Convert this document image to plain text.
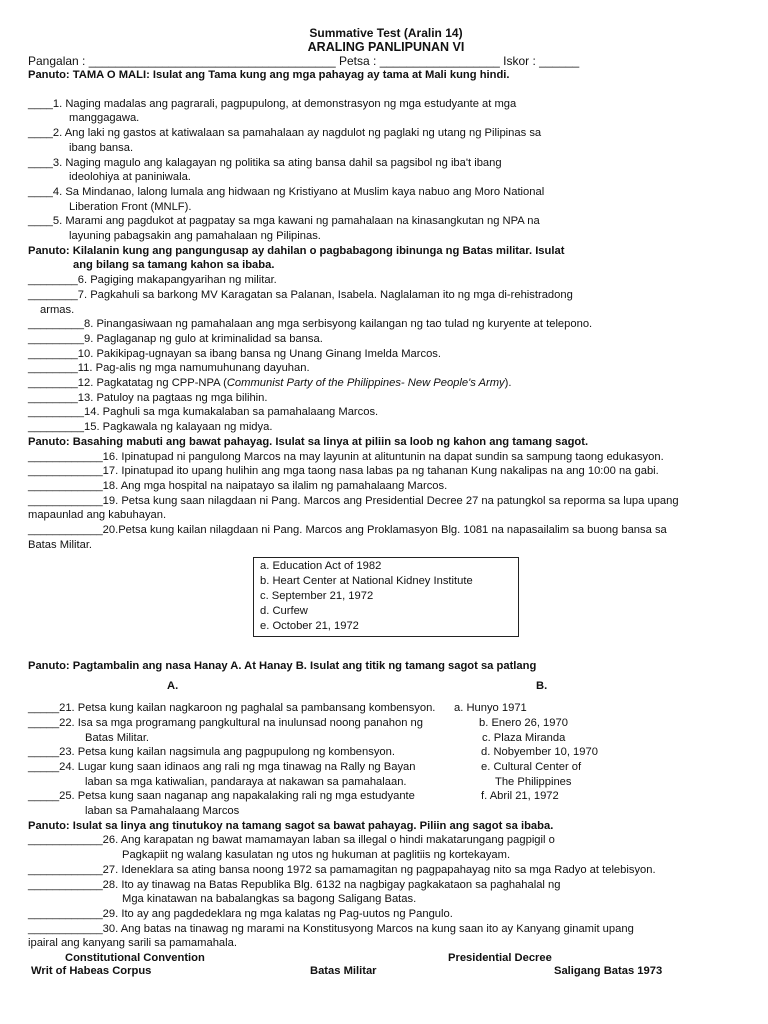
Summative Test (Aralin 14)
ARALING PANLIPUNAN VI
Pangalan : _____________________________________ Petsa : __________________ Iskor : ______
Panuto: TAMA O MALI: Isulat ang Tama kung ang mga pahayag ay tama at Mali kung hindi.
____1. Naging madalas ang pagrarali, pagpupulong, at demonstrasyon ng mga estudyante at mga
manggagawa.
____2. Ang laki ng gastos at katiwalaan sa pamahalaan ay nagdulot ng paglaki ng utang ng Pilipinas sa
ibang bansa.
____3. Naging magulo ang kalagayan ng politika sa ating bansa dahil sa pagsibol ng iba't ibang
ideolohiya at paniniwala.
____4. Sa Mindanao, lalong lumala ang hidwaan ng Kristiyano at Muslim kaya nabuo ang Moro National
Liberation Front (MNLF).
____5. Marami ang pagdukot at pagpatay sa mga kawani ng pamahalaan na kinasangkutan ng NPA na
layuning pabagsakin ang pamahalaan ng Pilipinas.
Panuto: Kilalanin kung ang pangungusap ay dahilan o pagbabagong ibinunga ng Batas militar. Isulat
ang bilang sa tamang kahon sa ibaba.
________6. Pagiging makapangyarihan ng militar.
________7. Pagkahuli sa barkong MV Karagatan sa Palanan, Isabela. Naglalaman ito ng mga di-rehistradong
armas.
_________8. Pinangasiwaan ng pamahalaan ang mga serbisyong kailangan ng tao tulad ng kuryente at telepono.
_________9. Paglaganap ng gulo at kriminalidad sa bansa.
________10. Pakikipag-ugnayan sa ibang bansa ng Unang Ginang Imelda Marcos.
________11. Pag-alis ng mga namumuhunang dayuhan.
________12. Pagkatatag ng CPP-NPA (Communist Party of the Philippines- New People's Army).
________13. Patuloy na pagtaas ng mga bilihin.
_________14. Paghuli sa mga kumakalaban sa pamahalaang Marcos.
_________15. Pagkawala ng kalayaan ng midya.
Panuto: Basahing mabuti ang bawat pahayag. Isulat sa linya at piliin sa loob ng kahon ang tamang sagot.
____________16. Ipinatupad ni pangulong Marcos na may layunin at alituntunin na dapat sundin sa sampung taong edukasyon.
____________17. Ipinatupad ito upang hulihin ang mga taong nasa labas pa ng tahanan Kung nakalipas na ang 10:00 na gabi.
____________18. Ang mga hospital na naipatayo sa ilalim ng pamahalaang Marcos.
____________19. Petsa kung saan nilagdaan ni Pang. Marcos ang Presidential Decree 27 na patungkol sa reporma sa lupa upang
mapaunlad ang kabuhayan.
____________20.Petsa kung kailan nilagdaan ni Pang. Marcos ang Proklamasyon Blg. 1081 na napasailalim sa buong bansa sa
Batas Militar.
a. Education Act of 1982
b. Heart Center at National Kidney Institute
c. September 21, 1972
d. Curfew
e. October 21, 1972
Panuto: Pagtambalin ang nasa Hanay A. At Hanay B. Isulat ang titik ng tamang sagot sa patlang
A.	B.
_____21. Petsa kung kailan nagkaroon ng paghalal sa pambansang kombensyon. a. Hunyo 1971
_____22. Isa sa mga programang pangkultural na inulunsad noong panahon ng	b. Enero 26, 1970
Batas Militar.	c. Plaza Miranda
_____23. Petsa kung kailan nagsimula ang pagpupulong ng kombensyon.	d. Nobyember 10, 1970
_____24. Lugar kung saan idinaos ang rali ng mga tinawag na Rally ng Bayan	e. Cultural Center of
laban sa mga katiwalian, pandaraya at nakawan sa pamahalaan.	The Philippines
_____25. Petsa kung saan naganap ang napakalaking rali ng mga estudyante	f. Abril 21, 1972
laban sa Pamahalaang Marcos
Panuto: Isulat sa linya ang tinutukoy na tamang sagot sa bawat pahayag. Piliin ang sagot sa ibaba.
____________26. Ang karapatan ng bawat mamamayan laban sa illegal o hindi makatarungang pagpigil o
Pagkapiit ng walang kasulatan ng utos ng hukuman at paglitiis ng kortekayam.
____________27. Ideneklara sa ating bansa noong 1972 sa pamamagitan ng pagpapahayag nito sa mga Radyo at telebisyon.
____________28. Ito ay tinawag na Batas Republika Blg. 6132 na nagbigay pagkakataon sa paghahalal ng
Mga kinatawan na babalangkas sa bagong Saligang Batas.
____________29. Ito ay ang pagdedeklara ng mga kalatas ng Pag-uutos ng Pangulo.
____________30. Ang batas na tinawag ng marami na Konstitusyong Marcos na kung saan ito ay Kanyang ginamit upang
ipairal ang kanyang sarili sa pamamahala.
Constitutional Convention	Presidential Decree
Writ of Habeas Corpus	Batas Militar	Saligang Batas 1973
